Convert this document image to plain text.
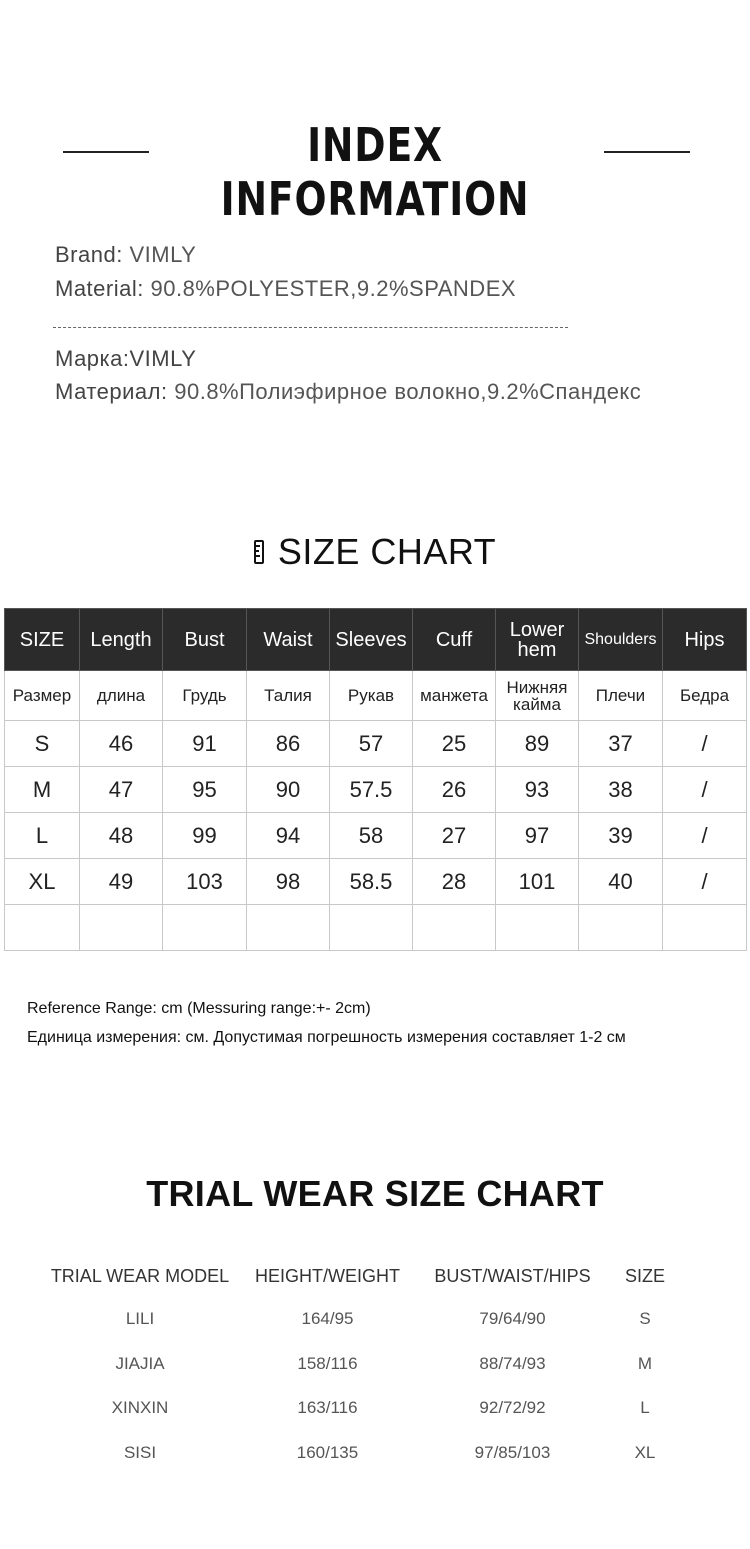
INDEX INFORMATION
Brand: VIMLY
Material: 90.8%POLYESTER,9.2%SPANDEX
Марка:VIMLY
Материал: 90.8%Полиэфирное волокно,9.2%Спандекс
SIZE CHART
SIZE	Length	Bust	Waist	Sleeves	Cuff	Lower hem	Shoulders	Hips
Размер	длина	Грудь	Талия	Рукав	манжета	Нижняя кайма	Плечи	Бедра
S	46	91	86	57	25	89	37	/
M	47	95	90	57.5	26	93	38	/
L	48	99	94	58	27	97	39	/
XL	49	103	98	58.5	28	101	40	/

Reference Range: cm (Messuring range:+- 2cm)
Единица измерения: см. Допустимая погрешность измерения составляет 1-2 см
TRIAL WEAR SIZE CHART
TRIAL WEAR MODEL	HEIGHT/WEIGHT	BUST/WAIST/HIPS	SIZE
LILI	164/95	79/64/90	S
JIAJIA	158/116	88/74/93	M
XINXIN	163/116	92/72/92	L
SISI	160/135	97/85/103	XL
